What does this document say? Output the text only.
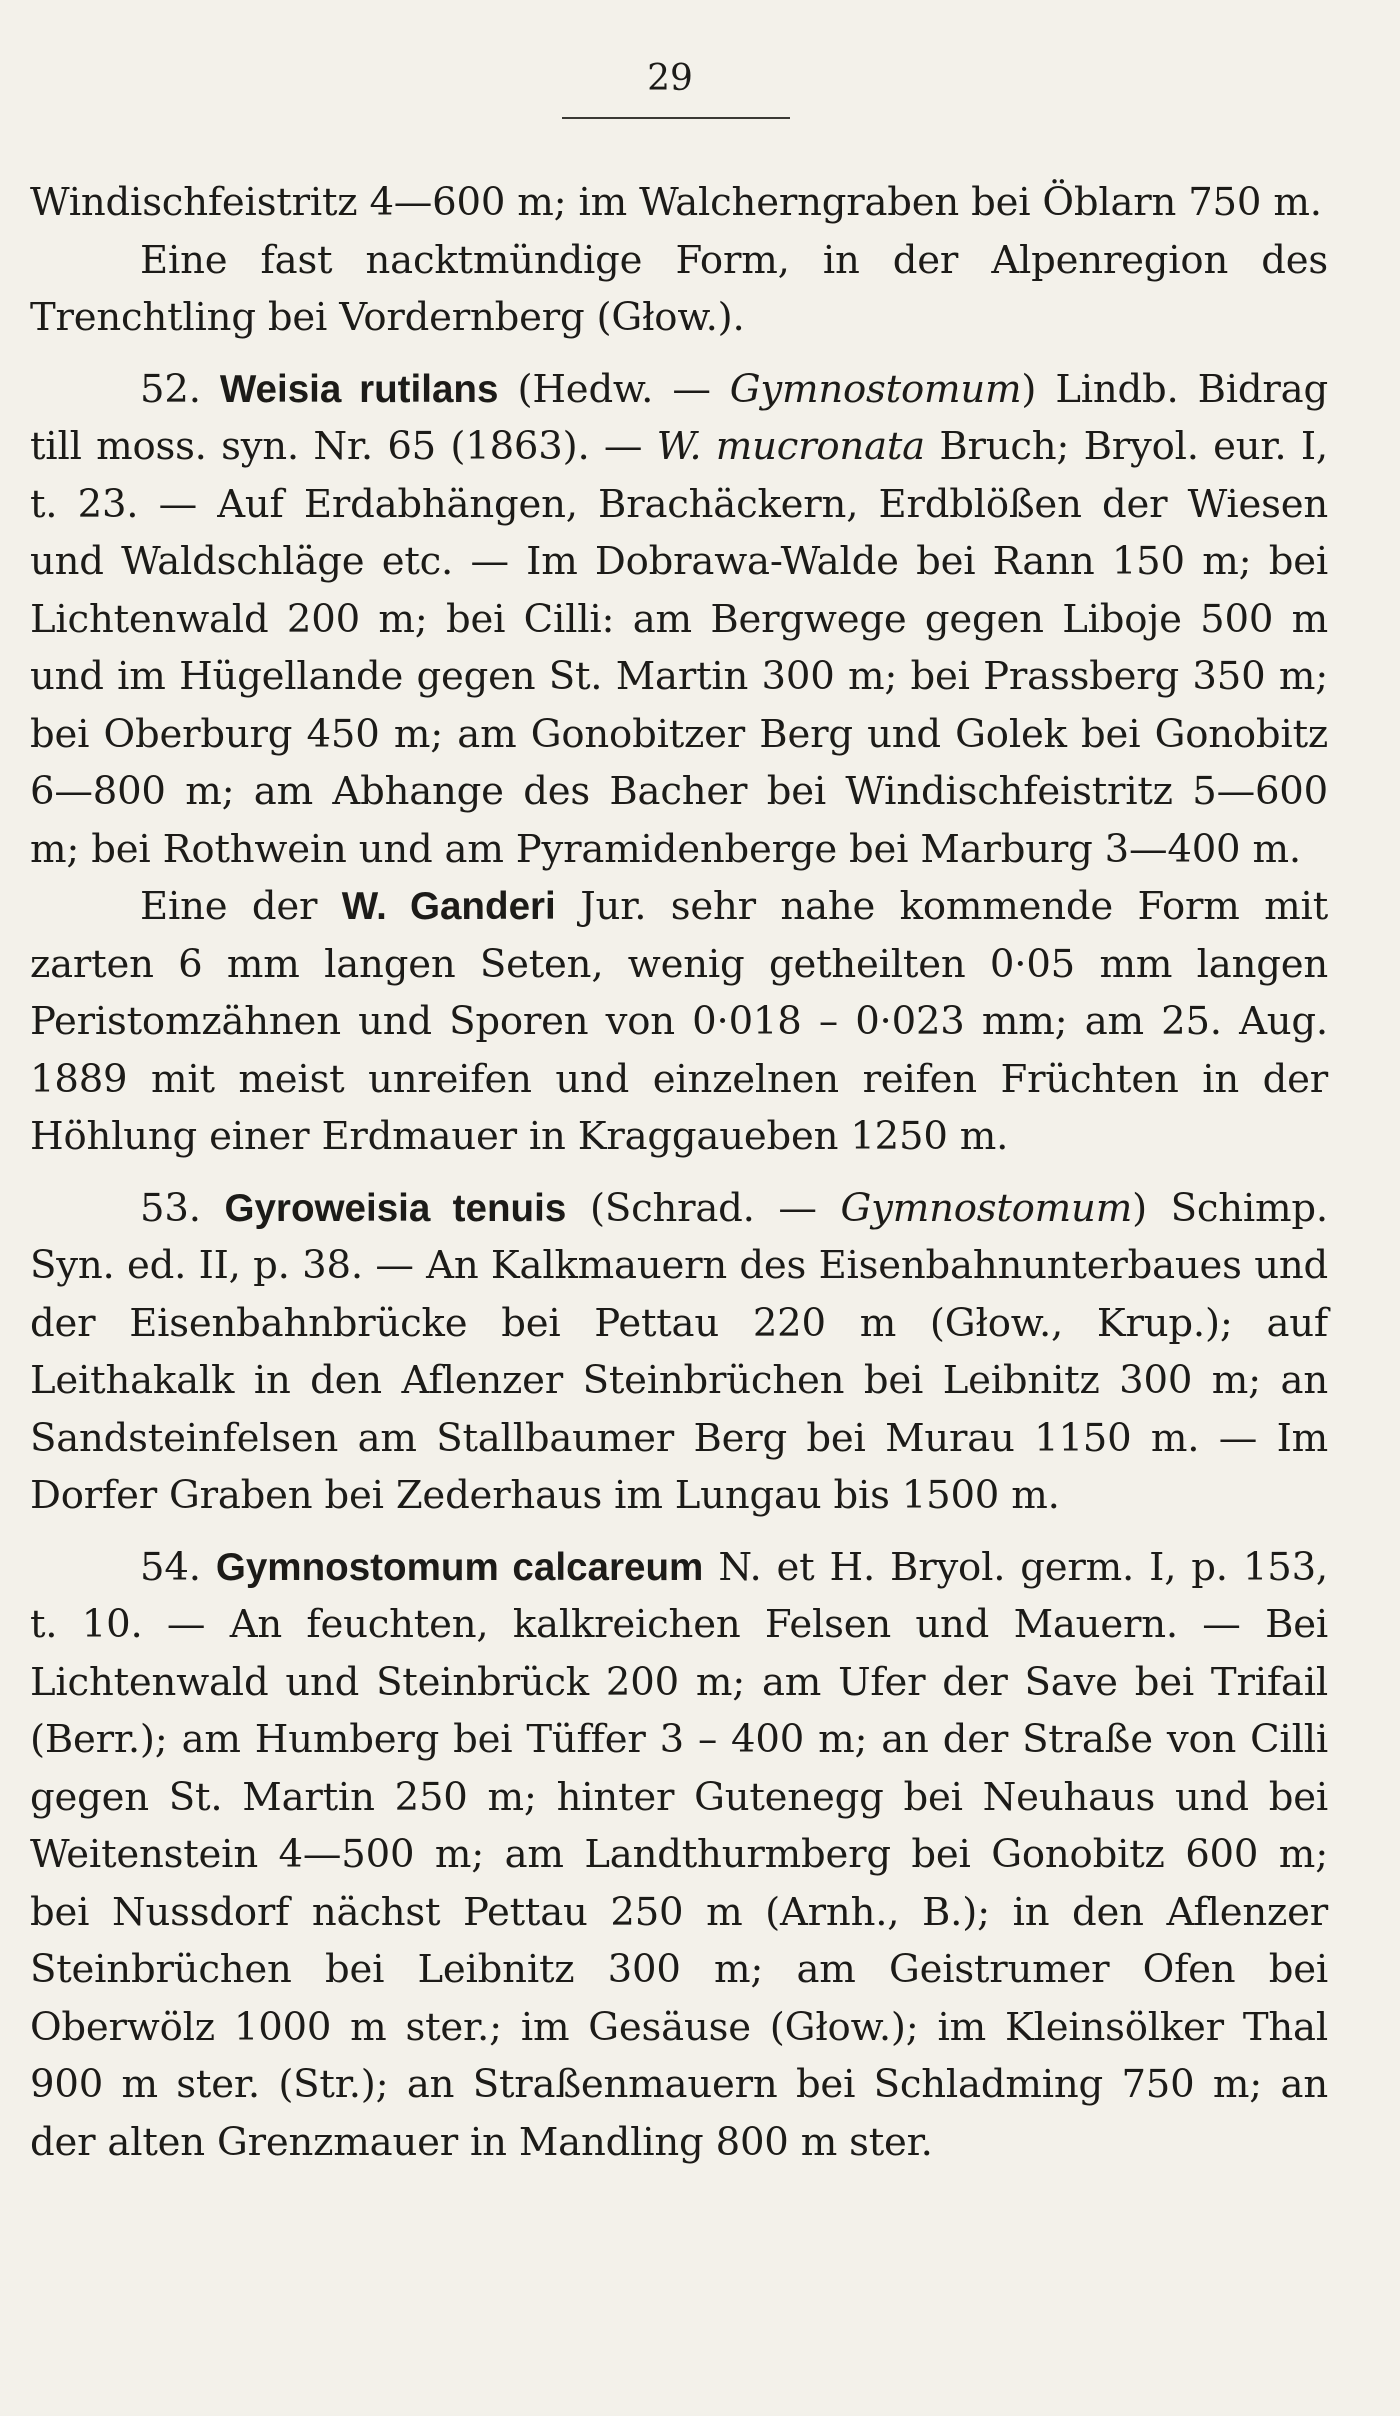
29

Windischfeistritz 4—600 m; im Walcherngraben bei Öblarn 750 m.

Eine fast nacktmündige Form, in der Alpenregion des Trenchtling bei Vordernberg (Głow.).

52. Weisia rutilans (Hedw. — Gymnostomum) Lindb. Bidrag till moss. syn. Nr. 65 (1863). — W. mucronata Bruch; Bryol. eur. I, t. 23. — Auf Erdabhängen, Brachäckern, Erdblößen der Wiesen und Waldschläge etc. — Im Dobrawa-Walde bei Rann 150 m; bei Lichtenwald 200 m; bei Cilli: am Bergwege gegen Liboje 500 m und im Hügellande gegen St. Martin 300 m; bei Prassberg 350 m; bei Oberburg 450 m; am Gonobitzer Berg und Golek bei Gonobitz 6—800 m; am Abhange des Bacher bei Windischfeistritz 5—600 m; bei Rothwein und am Pyramidenberge bei Marburg 3—400 m.

Eine der W. Ganderi Jur. sehr nahe kommende Form mit zarten 6 mm langen Seten, wenig getheilten 0·05 mm langen Peristomzähnen und Sporen von 0·018 – 0·023 mm; am 25. Aug. 1889 mit meist unreifen und einzelnen reifen Früchten in der Höhlung einer Erdmauer in Kraggaueben 1250 m.

53. Gyroweisia tenuis (Schrad. — Gymnostomum) Schimp. Syn. ed. II, p. 38. — An Kalkmauern des Eisenbahnunterbaues und der Eisenbahnbrücke bei Pettau 220 m (Głow., Krup.); auf Leithakalk in den Aflenzer Steinbrüchen bei Leibnitz 300 m; an Sandsteinfelsen am Stallbaumer Berg bei Murau 1150 m. — Im Dorfer Graben bei Zederhaus im Lungau bis 1500 m.

54. Gymnostomum calcareum N. et H. Bryol. germ. I, p. 153, t. 10. — An feuchten, kalkreichen Felsen und Mauern. — Bei Lichtenwald und Steinbrück 200 m; am Ufer der Save bei Trifail (Berr.); am Humberg bei Tüffer 3 – 400 m; an der Straße von Cilli gegen St. Martin 250 m; hinter Gutenegg bei Neuhaus und bei Weitenstein 4—500 m; am Landthurmberg bei Gonobitz 600 m; bei Nussdorf nächst Pettau 250 m (Arnh., B.); in den Aflenzer Steinbrüchen bei Leibnitz 300 m; am Geistrumer Ofen bei Oberwölz 1000 m ster.; im Gesäuse (Głow.); im Kleinsölker Thal 900 m ster. (Str.); an Straßenmauern bei Schladming 750 m; an der alten Grenzmauer in Mandling 800 m ster.
